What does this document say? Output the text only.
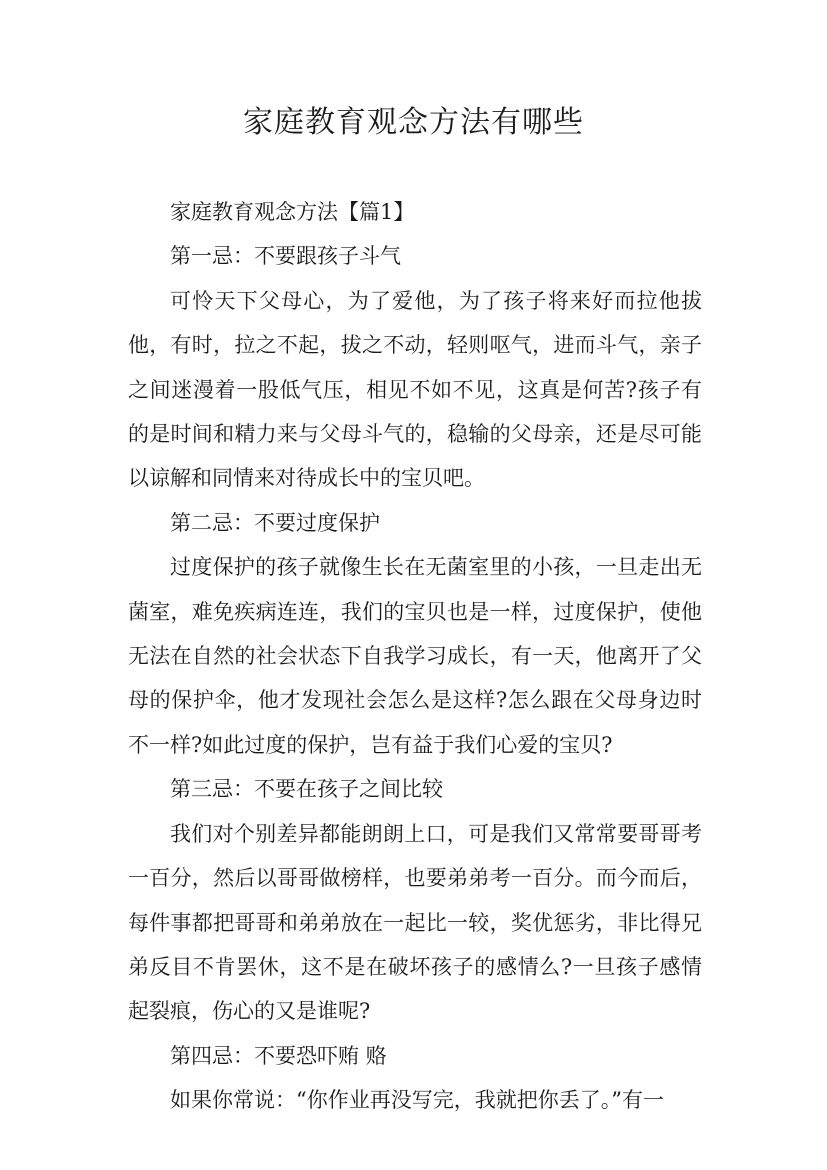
家庭教育观念方法有哪些

家庭教育观念方法【篇1】

第一忌：不要跟孩子斗气

可怜天下父母心，为了爱他，为了孩子将来好而拉他拔他，有时，拉之不起，拔之不动，轻则呕气，进而斗气，亲子之间迷漫着一股低气压，相见不如不见，这真是何苦?孩子有的是时间和精力来与父母斗气的，稳输的父母亲，还是尽可能以谅解和同情来对待成长中的宝贝吧。

第二忌：不要过度保护

过度保护的孩子就像生长在无菌室里的小孩，一旦走出无菌室，难免疾病连连，我们的宝贝也是一样，过度保护，使他无法在自然的社会状态下自我学习成长，有一天，他离开了父母的保护伞，他才发现社会怎么是这样?怎么跟在父母身边时不一样?如此过度的保护，岂有益于我们心爱的宝贝?

第三忌：不要在孩子之间比较

我们对个别差异都能朗朗上口，可是我们又常常要哥哥考一百分，然后以哥哥做榜样，也要弟弟考一百分。而今而后，每件事都把哥哥和弟弟放在一起比一较，奖优惩劣，非比得兄弟反目不肯罢休，这不是在破坏孩子的感情么?一旦孩子感情起裂痕，伤心的又是谁呢?

第四忌：不要恐吓贿 赂

如果你常说：“你作业再没写完，我就把你丢了。”有一
